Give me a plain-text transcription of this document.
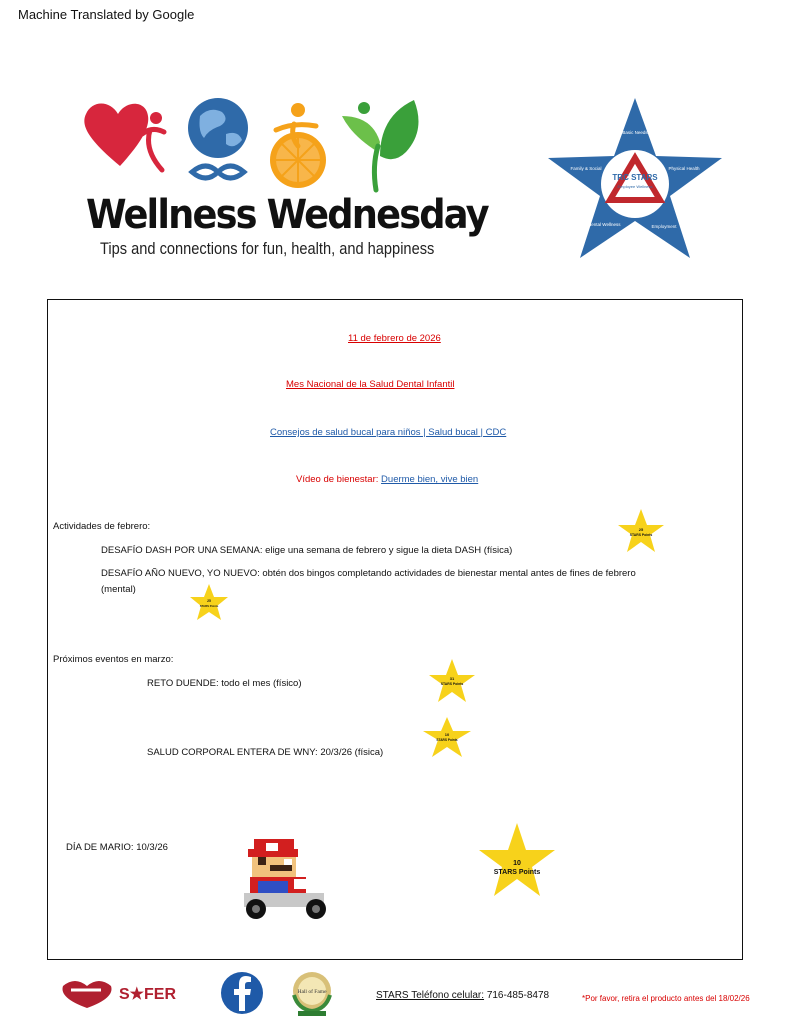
Machine Translated by Google
Wellness Wednesday
Tips and connections for fun, health, and happiness
TRC STARS
Employee Wellness
Basic Needs
Family & Social	Physical Health
Mental Wellness	Employment
11 de febrero de 2026
Mes Nacional de la Salud Dental Infantil
Consejos de salud bucal para niños | Salud bucal | CDC
Vídeo de bienestar: Duerme bien, vive bien
Actividades de febrero:
DESAFÍO DASH POR UNA SEMANA: elige una semana de febrero y sigue la dieta DASH (física)
DESAFÍO AÑO NUEVO, YO NUEVO: obtén dos bingos completando actividades de bienestar mental antes de fines de febrero
(mental)
Próximos eventos en marzo:
RETO DUENDE: todo el mes (físico)
SALUD CORPORAL ENTERA DE WNY: 20/3/26 (física)
DÍA DE MARIO: 10/3/26
25
STARS Points
25
STARS Points
31
STARS Points
10
STARS Points
10
STARS Points
S★FER	Hall of Fame	STARS Teléfono celular: 716-485-8478	*Por favor, retira el producto antes del 18/02/26
